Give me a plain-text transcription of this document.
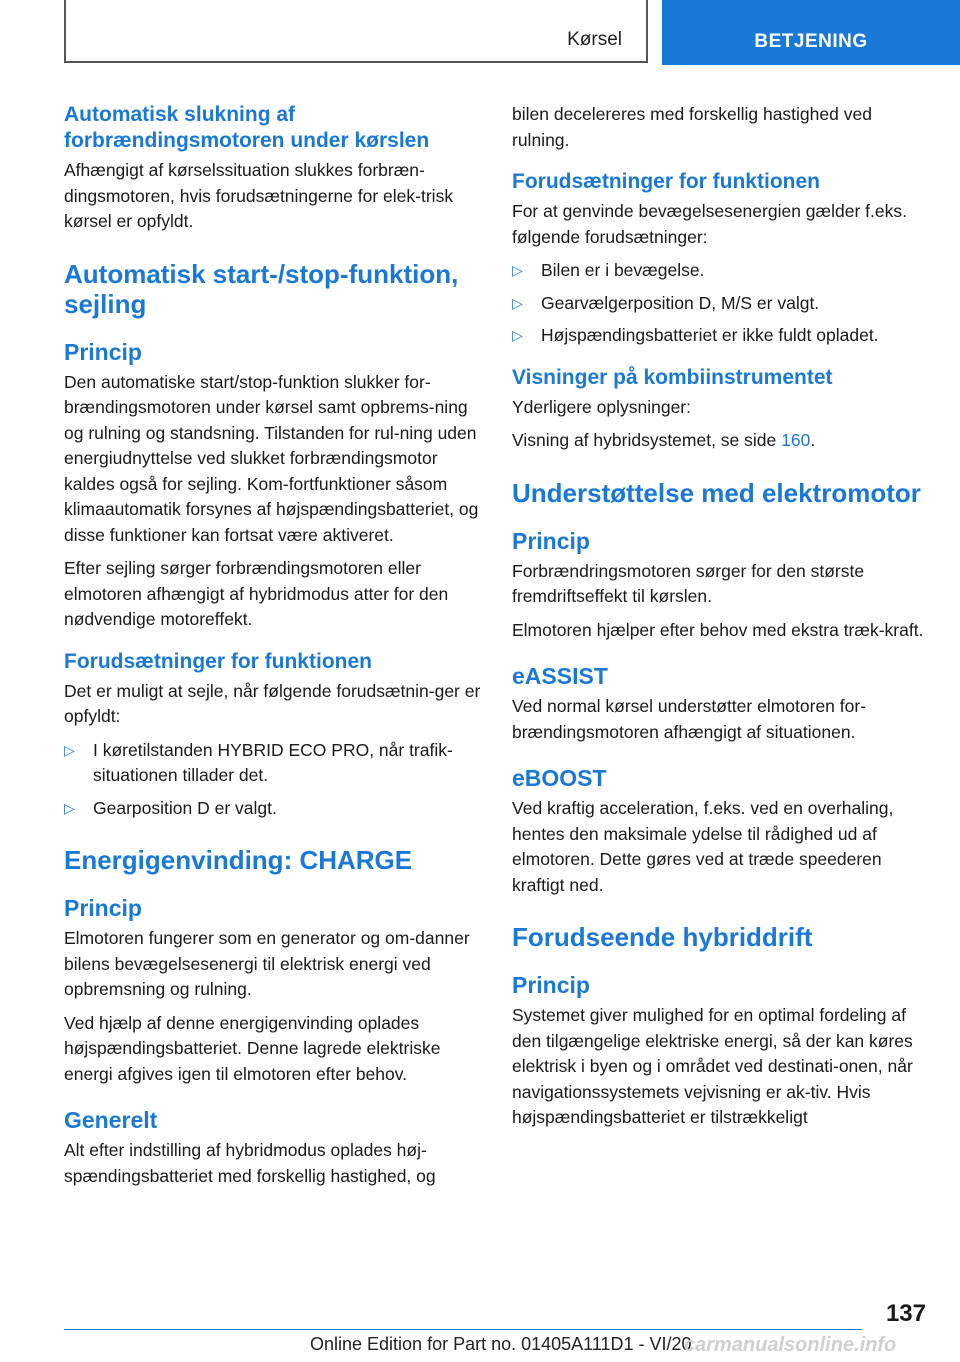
Kørsel	BETJENING
Automatisk slukning af forbrændingsmotoren under kørslen

Afhængigt af kørselssituation slukkes forbræn-dingsmotoren, hvis forudsætningerne for elek-trisk kørsel er opfyldt.

Automatisk start-/stop-funktion, sejling
Princip

Den automatiske start/stop-funktion slukker for-brændingsmotoren under kørsel samt opbrems-ning og rulning og standsning. Tilstanden for rul-ning uden energiudnyttelse ved slukket forbrændingsmotor kaldes også for sejling. Kom-fortfunktioner såsom klimaautomatik forsynes af højspændingsbatteriet, og disse funktioner kan fortsat være aktiveret.

Efter sejling sørger forbrændingsmotoren eller elmotoren afhængigt af hybridmodus atter for den nødvendige motoreffekt.

Forudsætninger for funktionen

Det er muligt at sejle, når følgende forudsætnin-ger er opfyldt:

▷ I køretilstanden HYBRID ECO PRO, når trafik-situationen tillader det.
▷ Gearposition D er valgt.
Energigenvinding: CHARGE
Princip

Elmotoren fungerer som en generator og om-danner bilens bevægelsesenergi til elektrisk energi ved opbremsning og rulning.

Ved hjælp af denne energigenvinding oplades højspændingsbatteriet. Denne lagrede elektriske energi afgives igen til elmotoren efter behov.

Generelt

Alt efter indstilling af hybridmodus oplades høj-spændingsbatteriet med forskellig hastighed, og

bilen decelereres med forskellig hastighed ved rulning.

Forudsætninger for funktionen

For at genvinde bevægelsesenergien gælder f.eks. følgende forudsætninger:

▷ Bilen er i bevægelse.
▷ Gearvælgerposition D, M/S er valgt.
▷ Højspændingsbatteriet er ikke fuldt opladet.
Visninger på kombiinstrumentet

Yderligere oplysninger:

Visning af hybridsystemet, se side 160.

Understøttelse med elektromotor
Princip

Forbrændringsmotoren sørger for den største fremdriftseffekt til kørslen.

Elmotoren hjælper efter behov med ekstra træk-kraft.

eASSIST

Ved normal kørsel understøtter elmotoren for-brændingsmotoren afhængigt af situationen.

eBOOST

Ved kraftig acceleration, f.eks. ved en overhaling, hentes den maksimale ydelse til rådighed ud af elmotoren. Dette gøres ved at træde speederen kraftigt ned.

Forudseende hybriddrift
Princip

Systemet giver mulighed for en optimal fordeling af den tilgængelige elektriske energi, så der kan køres elektrisk i byen og i området ved destinati-onen, når navigationssystemets vejvisning er ak-tiv. Hvis højspændingsbatteriet er tilstrækkeligt

137
Online Edition for Part no. 01405A111D1 - VI/20
carmanualsonline.info
